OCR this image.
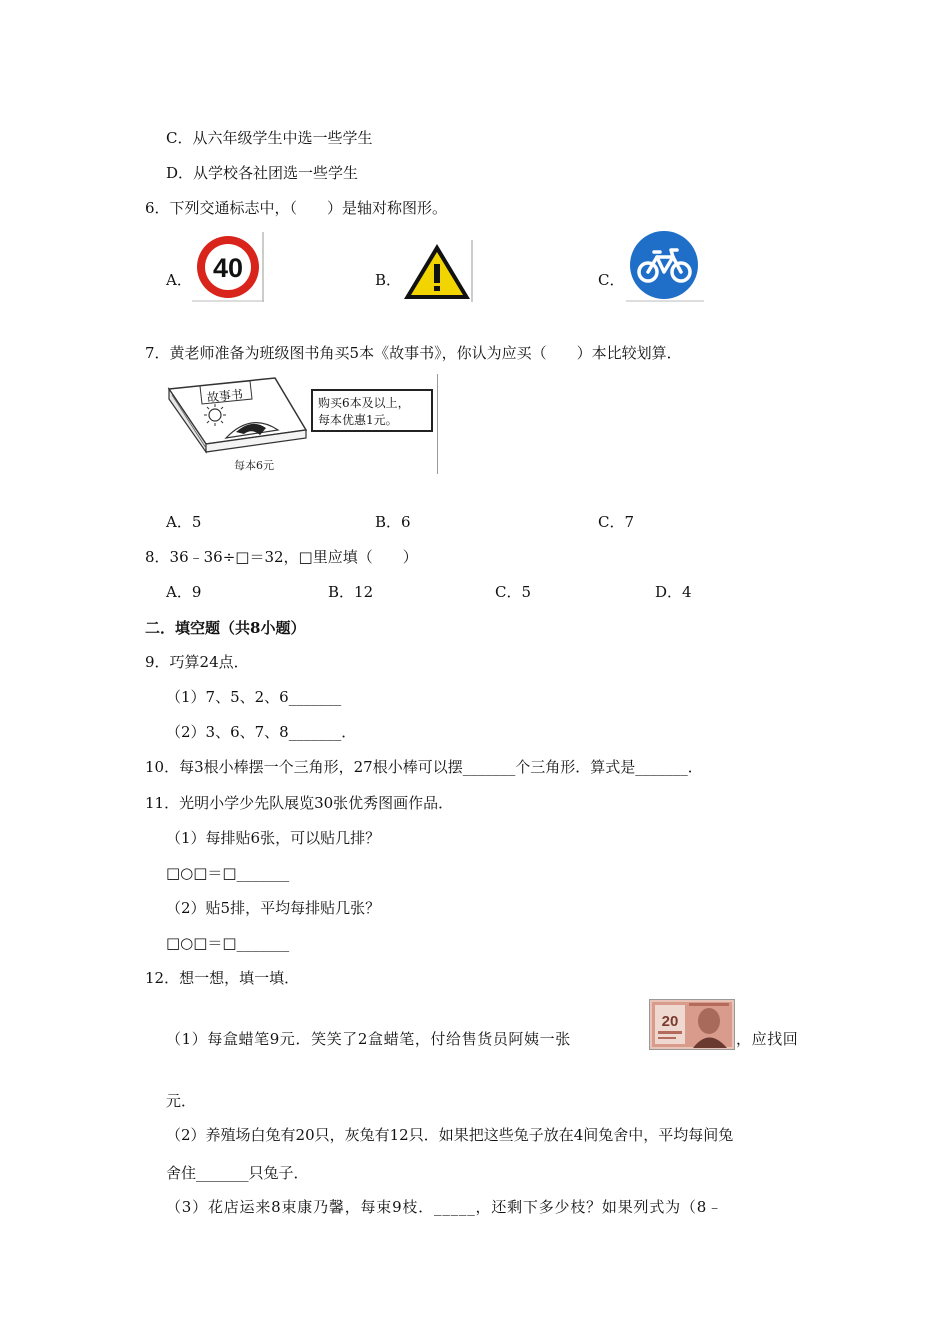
C．从六年级学生中选一些学生
D．从学校各社团选一些学生
6．下列交通标志中，（　　）是轴对称图形。
A． 40	B．	C．
7．黄老师准备为班级图书角买5本《故事书》，你认为应买（　　）本比较划算．
故事书
每本6元
购买6本及以上，
每本优惠1元。
A．5	B．6	C．7
8．36﹣36÷□＝32，□里应填（　　）
A．9	B．12	C．5	D．4
二．填空题（共8小题）
9．巧算24点．
（1）7、5、2、6_______
（2）3、6、7、8_______．
10．每3根小棒摆一个三角形，27根小棒可以摆_______个三角形．算式是_______．
11．光明小学少先队展览30张优秀图画作品．
（1）每排贴6张，可以贴几排？
□○□＝□_______
（2）贴5排，平均每排贴几张？
□○□＝□_______
12．想一想，填一填．
（1）每盒蜡笔9元．笑笑了2盒蜡笔，付给售货员阿姨一张
20
，应找回
元．
（2）养殖场白兔有20只，灰兔有12只．如果把这些兔子放在4间兔舍中，平均每间兔
舍住_______只兔子．
（3）花店运来8束康乃馨，每束9枝．_____，还剩下多少枝？如果列式为（8﹣
